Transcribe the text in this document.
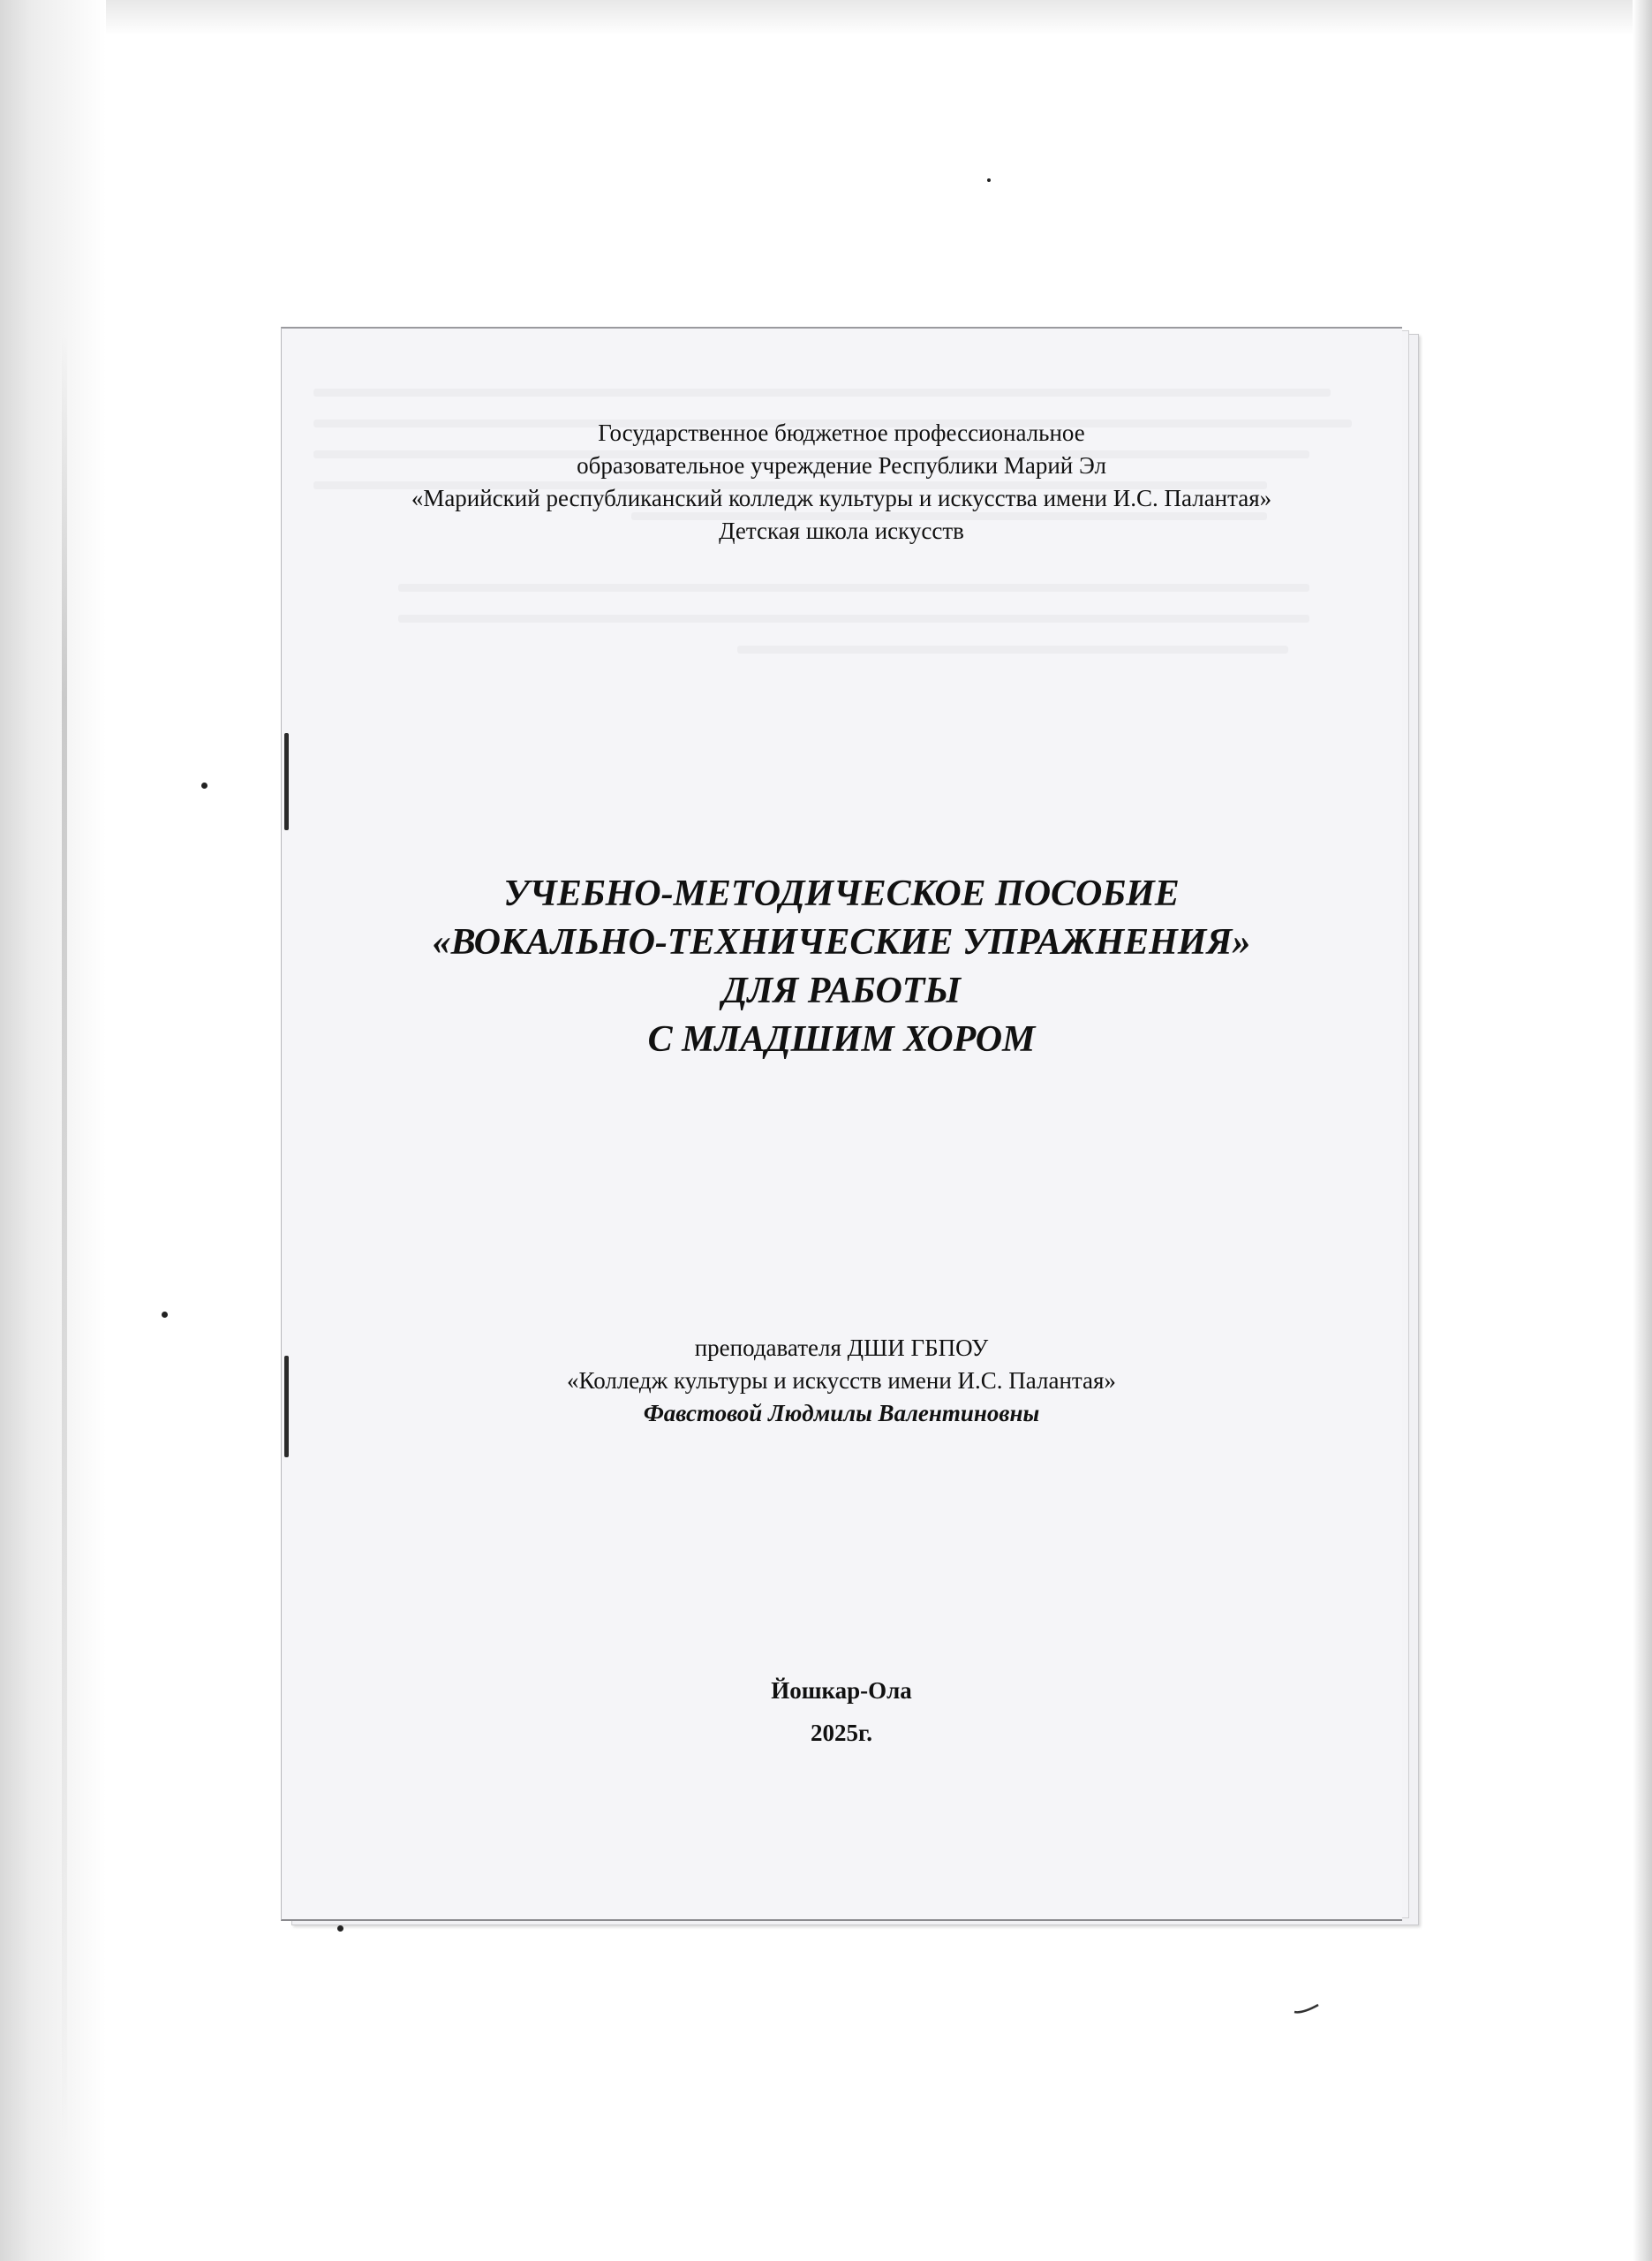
Государственное бюджетное профессиональное
образовательное учреждение Республики Марий Эл
«Марийский республиканский колледж культуры и искусства имени И.С. Палантая»
Детская школа искусств
УЧЕБНО-МЕТОДИЧЕСКОЕ ПОСОБИЕ
«ВОКАЛЬНО-ТЕХНИЧЕСКИЕ УПРАЖНЕНИЯ»
ДЛЯ РАБОТЫ
С МЛАДШИМ ХОРОМ
преподавателя ДШИ ГБПОУ
«Колледж культуры и искусств имени И.С. Палантая»
Фавстовой Людмилы Валентиновны
Йошкар-Ола
2025г.
